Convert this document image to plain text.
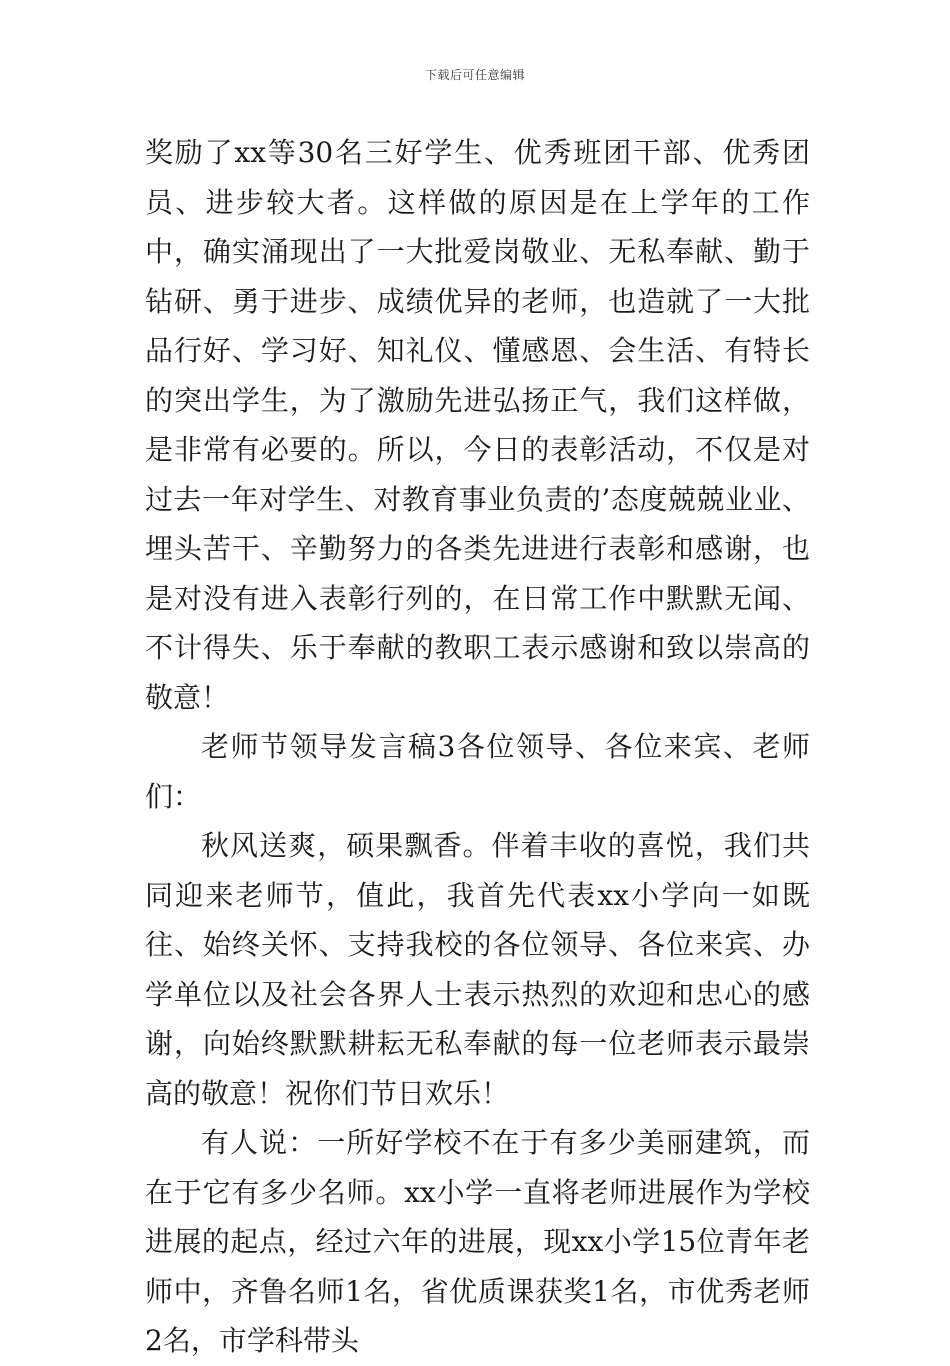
下载后可任意编辑

奖励了xx等30名三好学生、优秀班团干部、优秀团员、进步较大者。这样做的原因是在上学年的工作中，确实涌现出了一大批爱岗敬业、无私奉献、勤于钻研、勇于进步、成绩优异的老师，也造就了一大批品行好、学习好、知礼仪、懂感恩、会生活、有特长的突出学生，为了激励先进弘扬正气，我们这样做，是非常有必要的。所以，今日的表彰活动，不仅是对过去一年对学生、对教育事业负责的’态度兢兢业业、埋头苦干、辛勤努力的各类先进进行表彰和感谢，也是对没有进入表彰行列的，在日常工作中默默无闻、不计得失、乐于奉献的教职工表示感谢和致以崇高的敬意！

老师节领导发言稿3各位领导、各位来宾、老师们：

秋风送爽，硕果飘香。伴着丰收的喜悦，我们共同迎来老师节，值此，我首先代表xx小学向一如既往、始终关怀、支持我校的各位领导、各位来宾、办学单位以及社会各界人士表示热烈的欢迎和忠心的感谢，向始终默默耕耘无私奉献的每一位老师表示最崇高的敬意！祝你们节日欢乐！

有人说：一所好学校不在于有多少美丽建筑，而在于它有多少名师。xx小学一直将老师进展作为学校进展的起点，经过六年的进展，现xx小学15位青年老师中，齐鲁名师1名，省优质课获奖1名，市优秀老师2名，市学科带头
